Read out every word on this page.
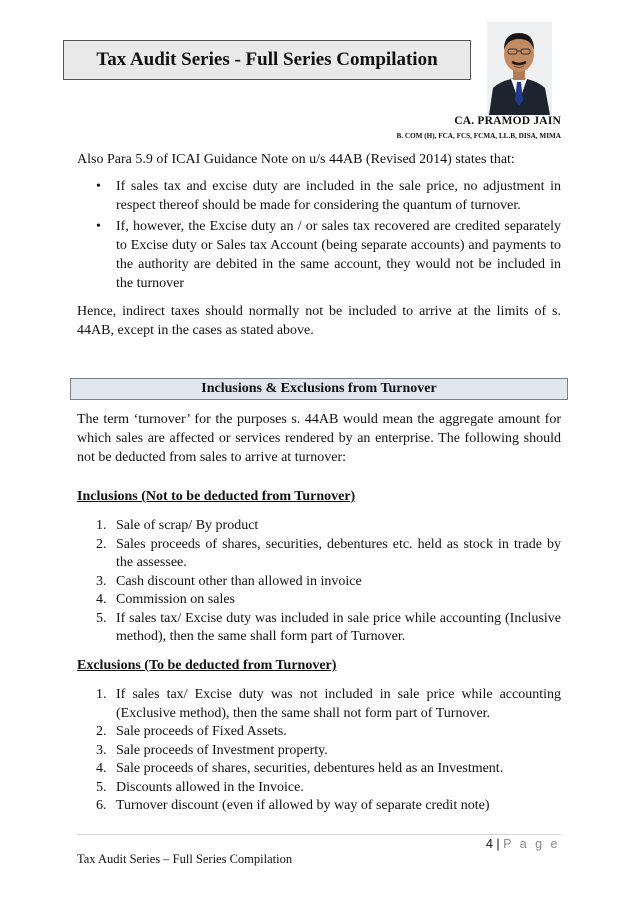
Tax Audit Series - Full Series Compilation
CA. PRAMOD JAIN
B. COM (H), FCA, FCS, FCMA, LL.B, DISA, MIMA
Also Para 5.9 of ICAI Guidance Note on u/s 44AB (Revised 2014) states that:
• If sales tax and excise duty are included in the sale price, no adjustment in respect thereof should be made for considering the quantum of turnover.
• If, however, the Excise duty an / or sales tax recovered are credited separately to Excise duty or Sales tax Account (being separate accounts) and payments to the authority are debited in the same account, they would not be included in the turnover
Hence, indirect taxes should normally not be included to arrive at the limits of s. 44AB, except in the cases as stated above.
Inclusions & Exclusions from Turnover
The term ‘turnover’ for the purposes s. 44AB would mean the aggregate amount for which sales are affected or services rendered by an enterprise. The following should not be deducted from sales to arrive at turnover:
Inclusions (Not to be deducted from Turnover)
1. Sale of scrap/ By product
2. Sales proceeds of shares, securities, debentures etc. held as stock in trade by the assessee.
3. Cash discount other than allowed in invoice
4. Commission on sales
5. If sales tax/ Excise duty was included in sale price while accounting (Inclusive method), then the same shall form part of Turnover.
Exclusions (To be deducted from Turnover)
1. If sales tax/ Excise duty was not included in sale price while accounting (Exclusive method), then the same shall not form part of Turnover.
2. Sale proceeds of Fixed Assets.
3. Sale proceeds of Investment property.
4. Sale proceeds of shares, securities, debentures held as an Investment.
5. Discounts allowed in the Invoice.
6. Turnover discount (even if allowed by way of separate credit note)
4 | P a g e
Tax Audit Series – Full Series Compilation
